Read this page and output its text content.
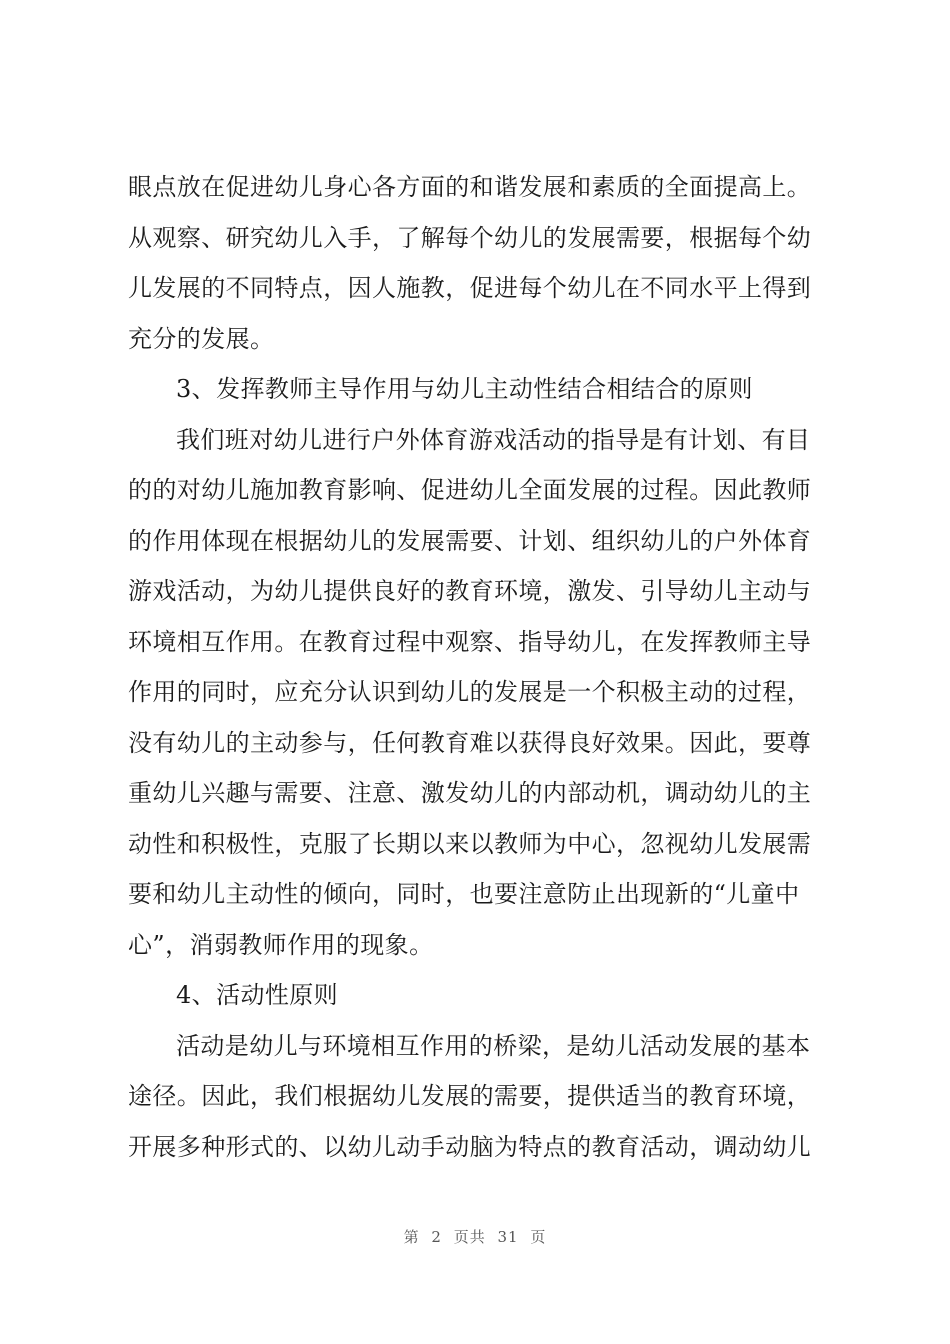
眼点放在促进幼儿身心各方面的和谐发展和素质的全面提高上。
从观察、研究幼儿入手，了解每个幼儿的发展需要，根据每个幼
儿发展的不同特点，因人施教，促进每个幼儿在不同水平上得到
充分的发展。
3、发挥教师主导作用与幼儿主动性结合相结合的原则
我们班对幼儿进行户外体育游戏活动的指导是有计划、有目
的的对幼儿施加教育影响、促进幼儿全面发展的过程。因此教师
的作用体现在根据幼儿的发展需要、计划、组织幼儿的户外体育
游戏活动，为幼儿提供良好的教育环境，激发、引导幼儿主动与
环境相互作用。在教育过程中观察、指导幼儿，在发挥教师主导
作用的同时，应充分认识到幼儿的发展是一个积极主动的过程，
没有幼儿的主动参与，任何教育难以获得良好效果。因此，要尊
重幼儿兴趣与需要、注意、激发幼儿的内部动机，调动幼儿的主
动性和积极性，克服了长期以来以教师为中心，忽视幼儿发展需
要和幼儿主动性的倾向，同时，也要注意防止出现新的“儿童中
心”，消弱教师作用的现象。
4、活动性原则
活动是幼儿与环境相互作用的桥梁，是幼儿活动发展的基本
途径。因此，我们根据幼儿发展的需要，提供适当的教育环境，
开展多种形式的、以幼儿动手动脑为特点的教育活动，调动幼儿
第 2 页共 31 页
